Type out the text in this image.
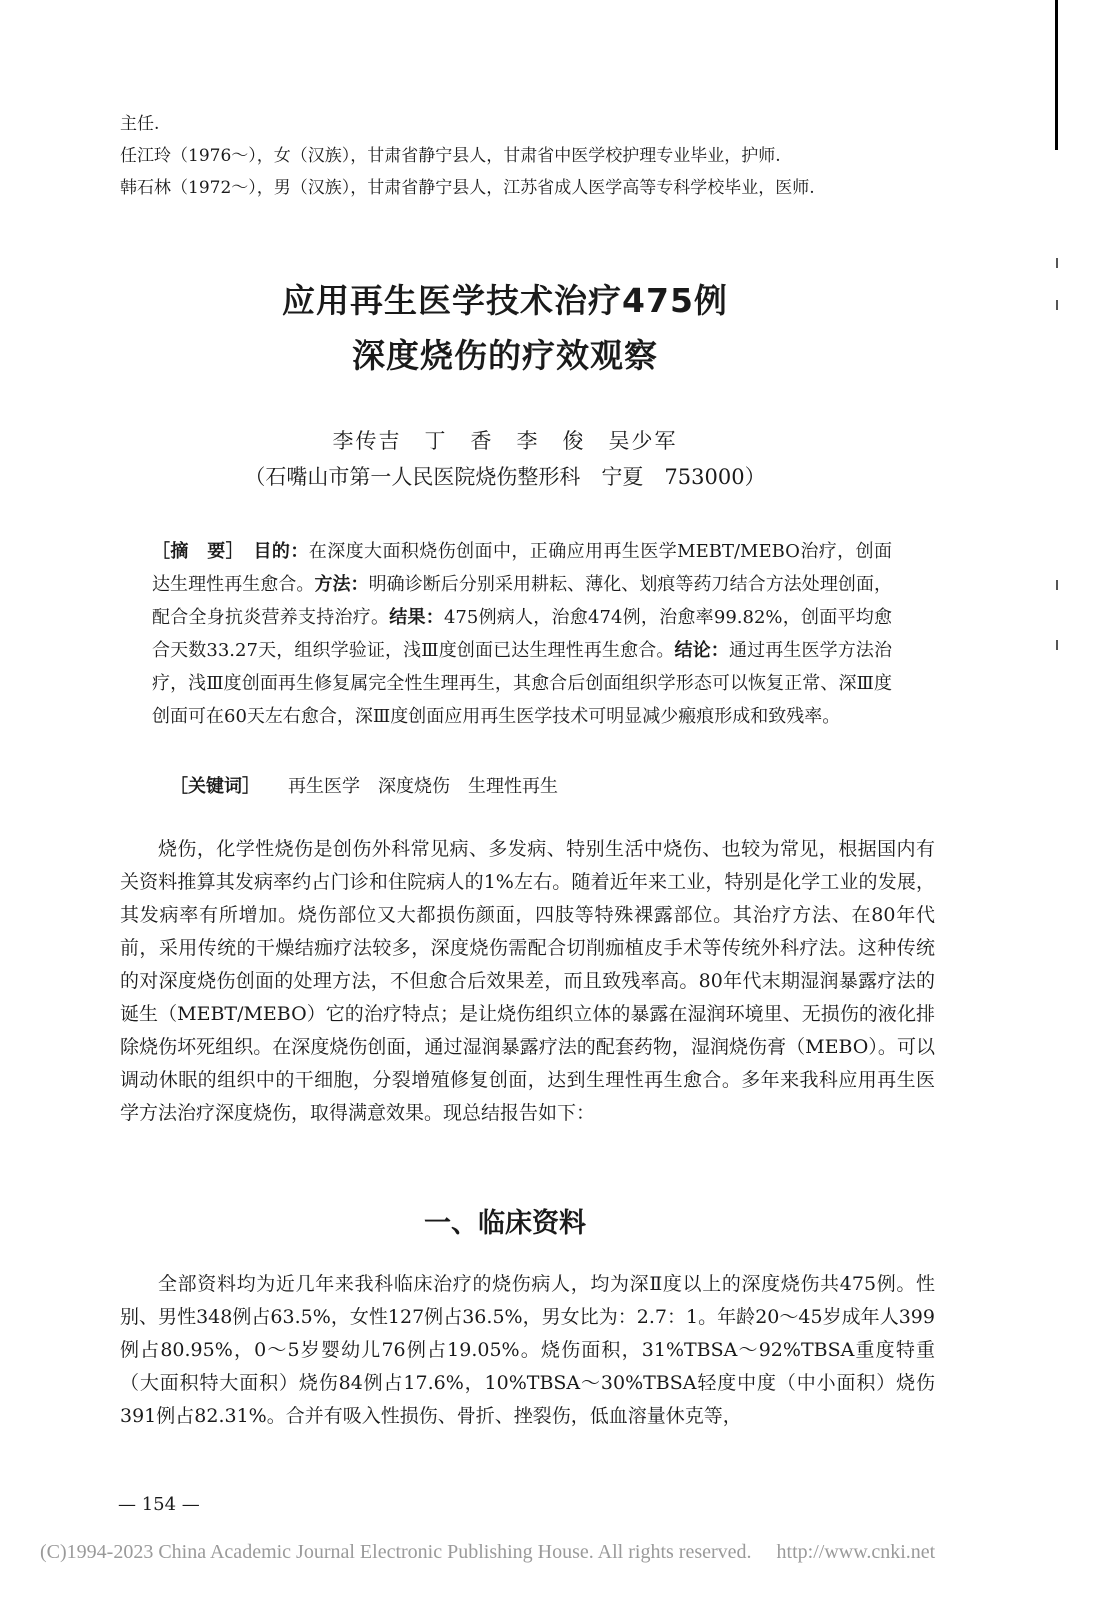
主任.
任江玲（1976～），女（汉族），甘肃省静宁县人，甘肃省中医学校护理专业毕业，护师.
韩石林（1972～），男（汉族），甘肃省静宁县人，江苏省成人医学高等专科学校毕业，医师.
应用再生医学技术治疗475例
深度烧伤的疗效观察
李传吉　丁　香　李　俊　吴少军
（石嘴山市第一人民医院烧伤整形科　宁夏　753000）
［摘　要］　 目的：在深度大面积烧伤创面中，正确应用再生医学MEBT/MEBO治疗，创面达生理性再生愈合。方法：明确诊断后分别采用耕耘、薄化、划痕等药刀结合方法处理创面，配合全身抗炎营养支持治疗。结果：475例病人，治愈474例，治愈率99.82%，创面平均愈合天数33.27天，组织学验证，浅Ⅲ度创面已达生理性再生愈合。结论：通过再生医学方法治疗，浅Ⅲ度创面再生修复属完全性生理再生，其愈合后创面组织学形态可以恢复正常、深Ⅲ度创面可在60天左右愈合，深Ⅲ度创面应用再生医学技术可明显减少瘢痕形成和致残率。
［关键词］ 再生医学 深度烧伤 生理性再生

烧伤，化学性烧伤是创伤外科常见病、多发病、特别生活中烧伤、也较为常见，根据国内有关资料推算其发病率约占门诊和住院病人的1%左右。随着近年来工业，特别是化学工业的发展，其发病率有所增加。烧伤部位又大都损伤颜面，四肢等特殊裸露部位。其治疗方法、在80年代前，采用传统的干燥结痂疗法较多，深度烧伤需配合切削痂植皮手术等传统外科疗法。这种传统的对深度烧伤创面的处理方法，不但愈合后效果差，而且致残率高。80年代末期湿润暴露疗法的诞生（MEBT/MEBO）它的治疗特点；是让烧伤组织立体的暴露在湿润环境里、无损伤的液化排除烧伤坏死组织。在深度烧伤创面，通过湿润暴露疗法的配套药物，湿润烧伤膏（MEBO）。可以调动休眠的组织中的干细胞，分裂增殖修复创面，达到生理性再生愈合。多年来我科应用再生医学方法治疗深度烧伤，取得满意效果。现总结报告如下：

一、临床资料

全部资料均为近几年来我科临床治疗的烧伤病人，均为深Ⅱ度以上的深度烧伤共475例。性别、男性348例占63.5%，女性127例占36.5%，男女比为：2.7：1。年龄20～45岁成年人399例占80.95%，0～5岁婴幼儿76例占19.05%。烧伤面积，31%TBSA～92%TBSA重度特重（大面积特大面积）烧伤84例占17.6%，10%TBSA～30%TBSA轻度中度（中小面积）烧伤391例占82.31%。合并有吸入性损伤、骨折、挫裂伤，低血溶量休克等，

— 154 —
(C)1994-2023 China Academic Journal Electronic Publishing House. All rights reserved.　 http://www.cnki.net
